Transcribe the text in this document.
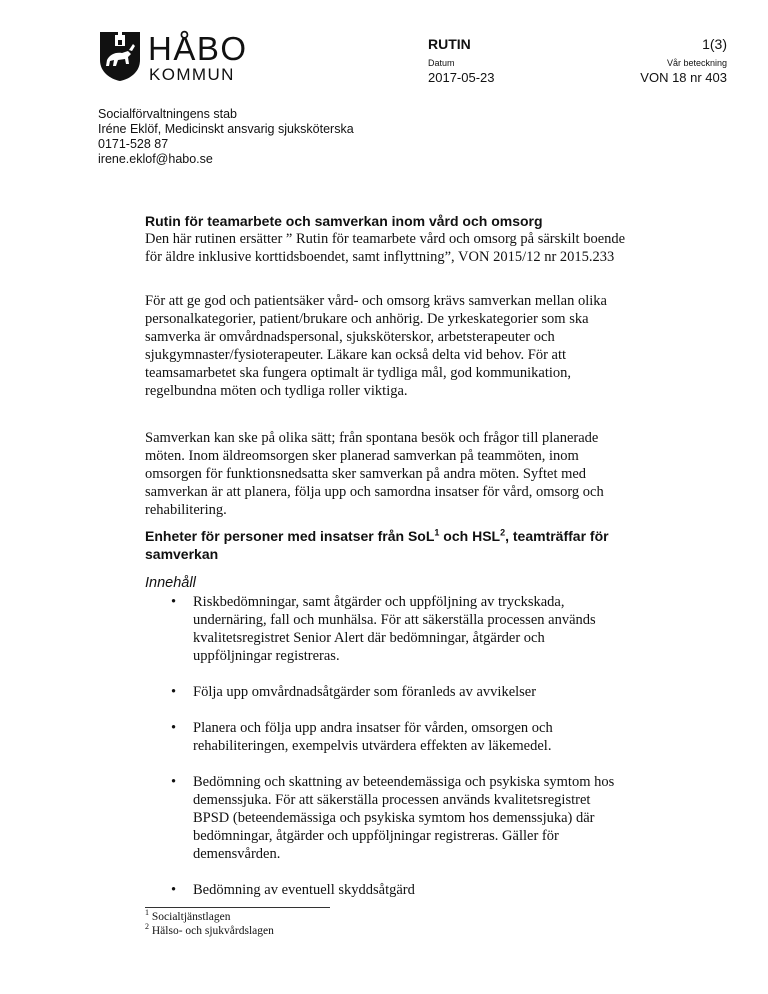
HÅBO
KOMMUN
RUTIN	1(3)
Datum	Vår beteckning
2017-05-23	VON 18 nr 403
Socialförvaltningens stab
Iréne Eklöf, Medicinskt ansvarig sjuksköterska
0171-528 87
irene.eklof@habo.se
Rutin för teamarbete och samverkan inom vård och omsorg

Den här rutinen ersätter ” Rutin för teamarbete vård och omsorg på särskilt boende för äldre inklusive korttidsboendet, samt inflyttning”, VON 2015/12 nr 2015.233

För att ge god och patientsäker vård- och omsorg krävs samverkan mellan olika personalkategorier, patient/brukare och anhörig. De yrkeskategorier som ska samverka är omvårdnadspersonal, sjuksköterskor, arbetsterapeuter och sjukgymnaster/fysioterapeuter. Läkare kan också delta vid behov. För att teamsamarbetet ska fungera optimalt är tydliga mål, god kommunikation, regelbundna möten och tydliga roller viktiga.

Samverkan kan ske på olika sätt; från spontana besök och frågor till planerade möten. Inom äldreomsorgen sker planerad samverkan på teammöten, inom omsorgen för funktionsnedsatta sker samverkan på andra möten. Syftet med samverkan är att planera, följa upp och samordna insatser för vård, omsorg och rehabilitering.

Enheter för personer med insatser från SoL$^1$ och HSL$^2$, teamträffar för samverkan
Innehåll
• Riskbedömningar, samt åtgärder och uppföljning av tryckskada, undernäring, fall och munhälsa. För att säkerställa processen används kvalitetsregistret Senior Alert där bedömningar, åtgärder och uppföljningar registreras.
• Följa upp omvårdnadsåtgärder som föranleds av avvikelser
• Planera och följa upp andra insatser för vården, omsorgen och rehabiliteringen, exempelvis utvärdera effekten av läkemedel.
• Bedömning och skattning av beteendemässiga och psykiska symtom hos demenssjuka. För att säkerställa processen används kvalitetsregistret BPSD (beteendemässiga och psykiska symtom hos demenssjuka) där bedömningar, åtgärder och uppföljningar registreras. Gäller för demensvården.
• Bedömning av eventuell skyddsåtgärd
$^1$ Socialtjänstlagen
$^2$ Hälso- och sjukvårdslagen
